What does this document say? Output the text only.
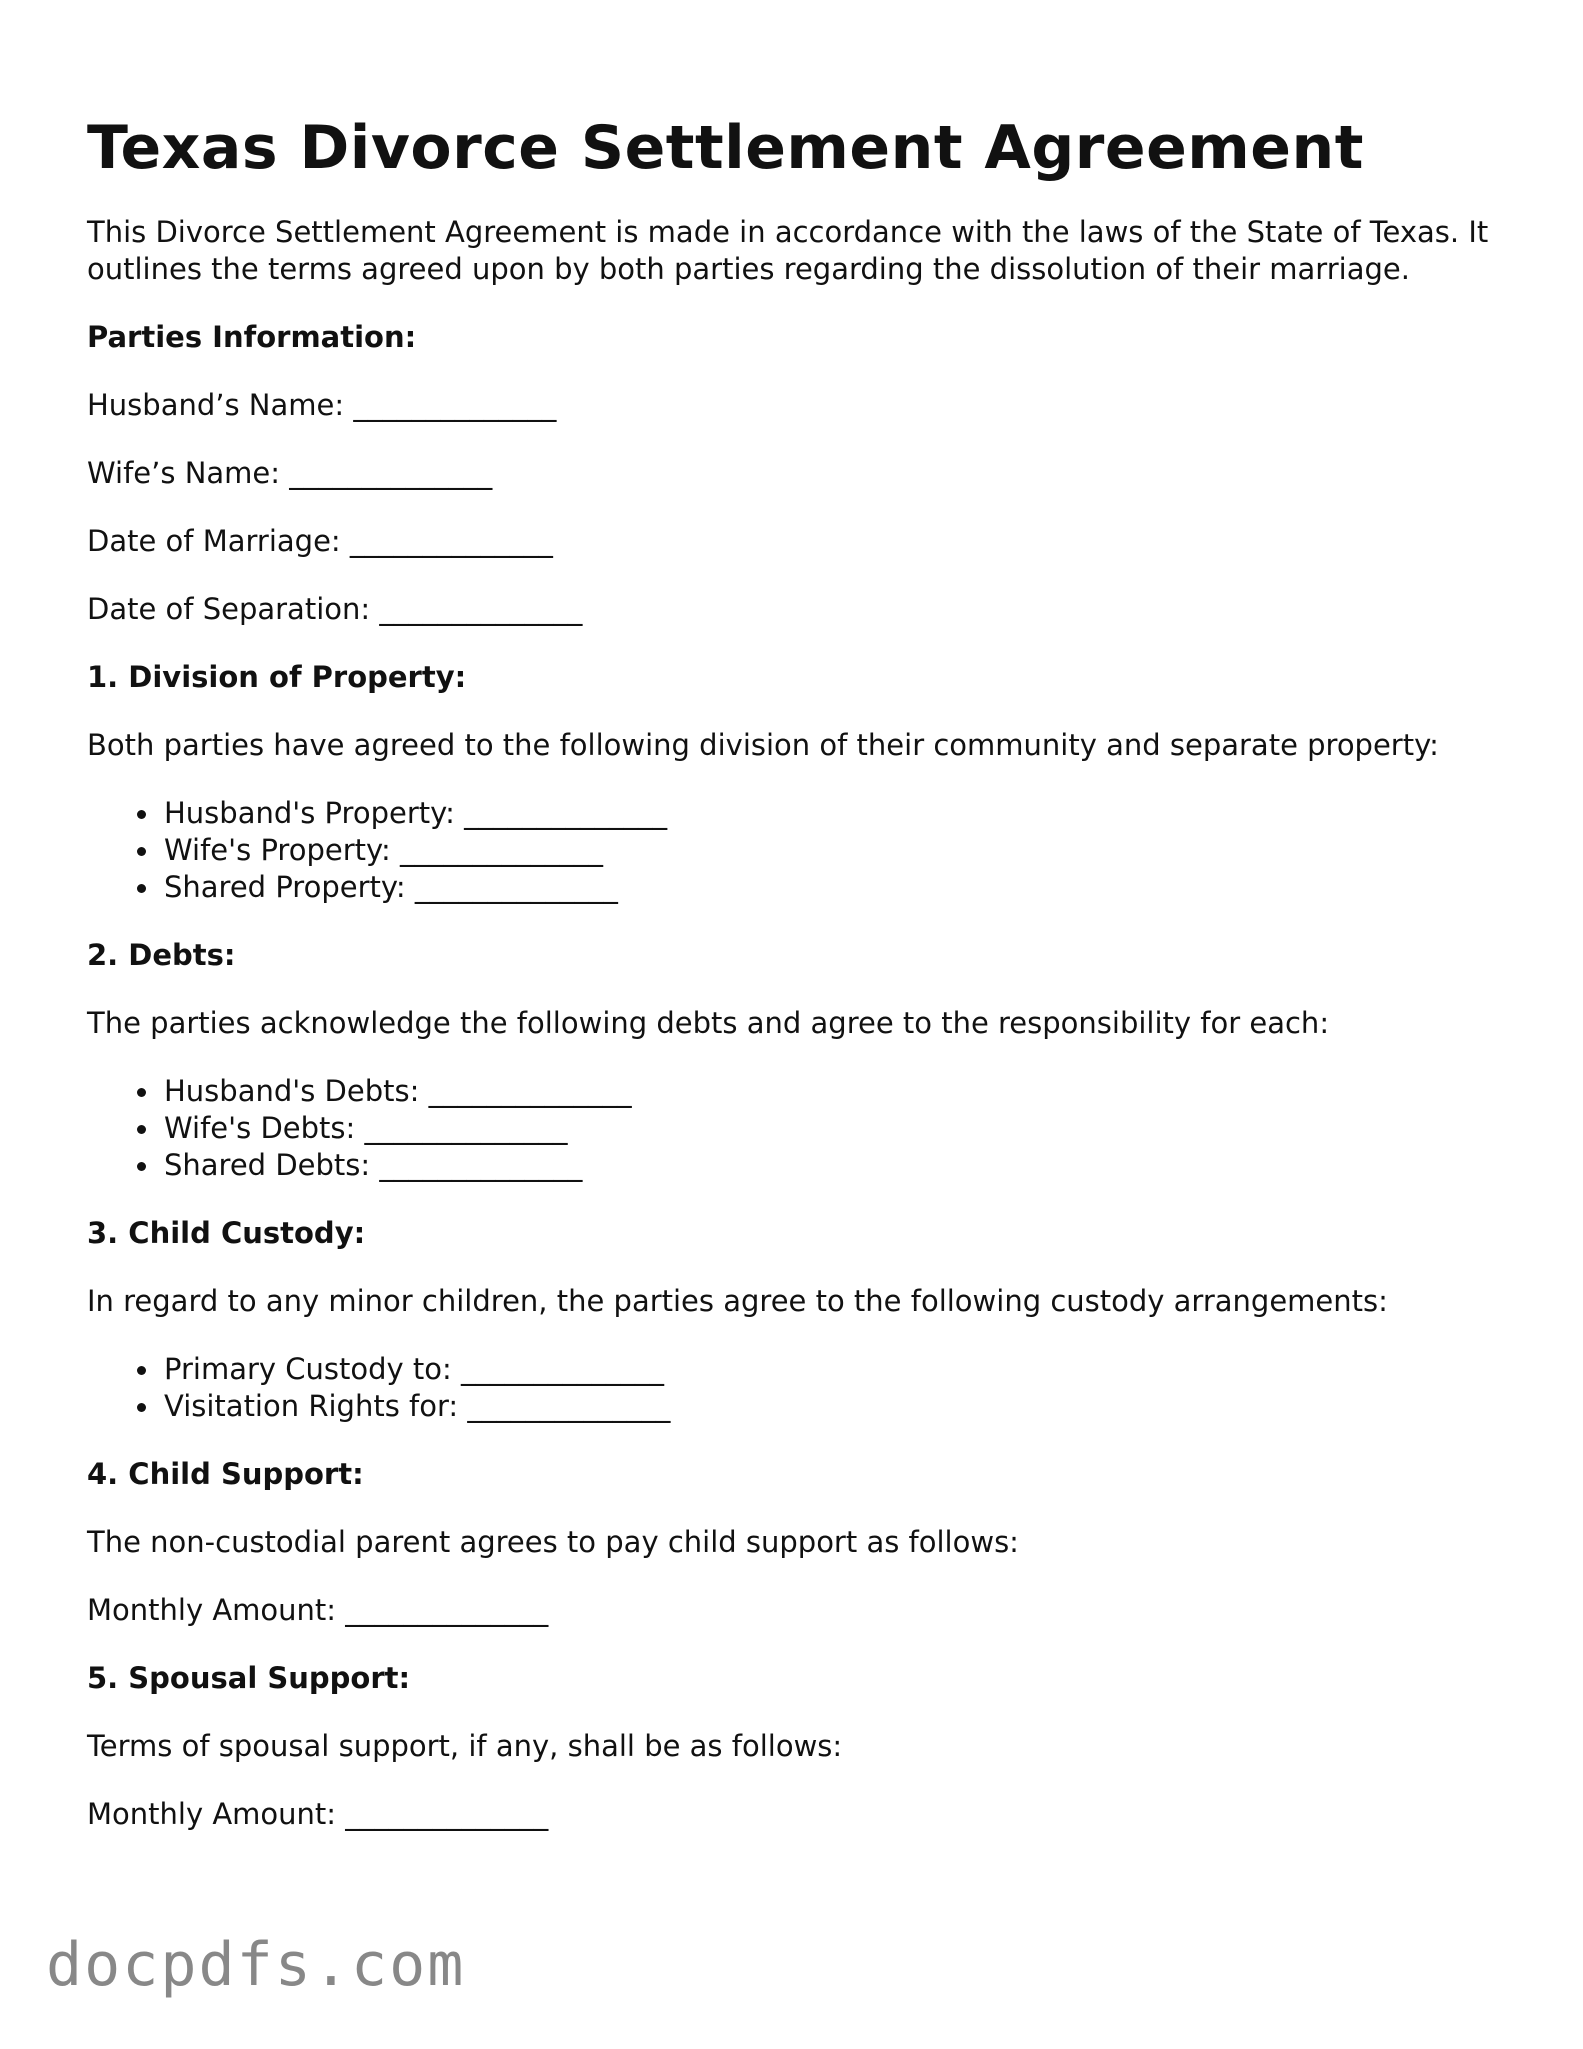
Texas Divorce Settlement Agreement

This Divorce Settlement Agreement is made in accordance with the laws of the State of Texas. It outlines the terms agreed upon by both parties regarding the dissolution of their marriage.

Parties Information:

Husband’s Name: ______________

Wife’s Name: ______________

Date of Marriage: ______________

Date of Separation: ______________

1. Division of Property:

Both parties have agreed to the following division of their community and separate property:

Husband's Property: ______________
Wife's Property: ______________
Shared Property: ______________
2. Debts:

The parties acknowledge the following debts and agree to the responsibility for each:

Husband's Debts: ______________
Wife's Debts: ______________
Shared Debts: ______________
3. Child Custody:

In regard to any minor children, the parties agree to the following custody arrangements:

Primary Custody to: ______________
Visitation Rights for: ______________
4. Child Support:

The non-custodial parent agrees to pay child support as follows:

Monthly Amount: ______________

5. Spousal Support:

Terms of spousal support, if any, shall be as follows:

Monthly Amount: ______________

docpdfs.com
